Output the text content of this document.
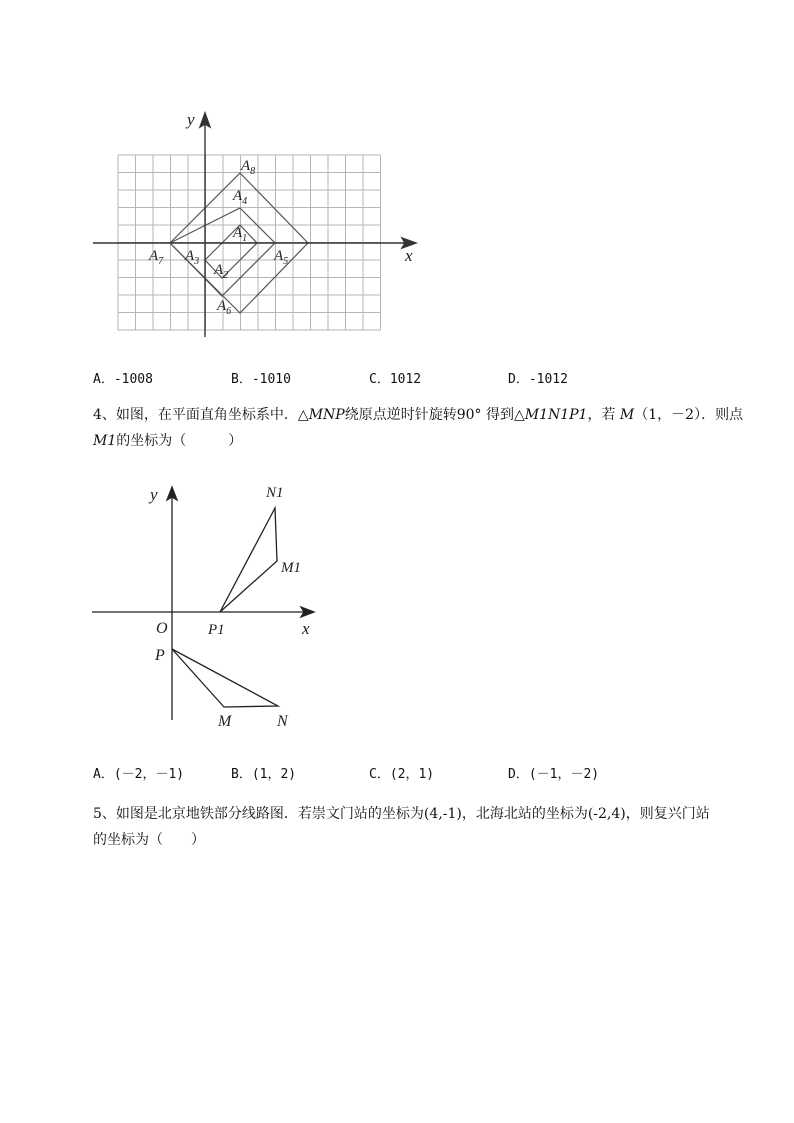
y
x
$A_8$
$A_4$
$A_1$
$A_7$ $A_3$
$A_2$
$A_5$
$A_6$
A．-1008	B．-1010	C．1012	D．-1012
4、如图，在平面直角坐标系中．△MNP绕原点逆时针旋转90° 得到△M1N1P1，若 M（1，－2）．则点
M1的坐标为（　　　）
y
x
O
N1
M1
P1
P
M	N
A．(－2，－1)	B．(1，2)	C．(2，1)	D．(－1，－2)
5、如图是北京地铁部分线路图．若崇文门站的坐标为(4,-1)，北海北站的坐标为(-2,4)，则复兴门站
的坐标为（　　）
